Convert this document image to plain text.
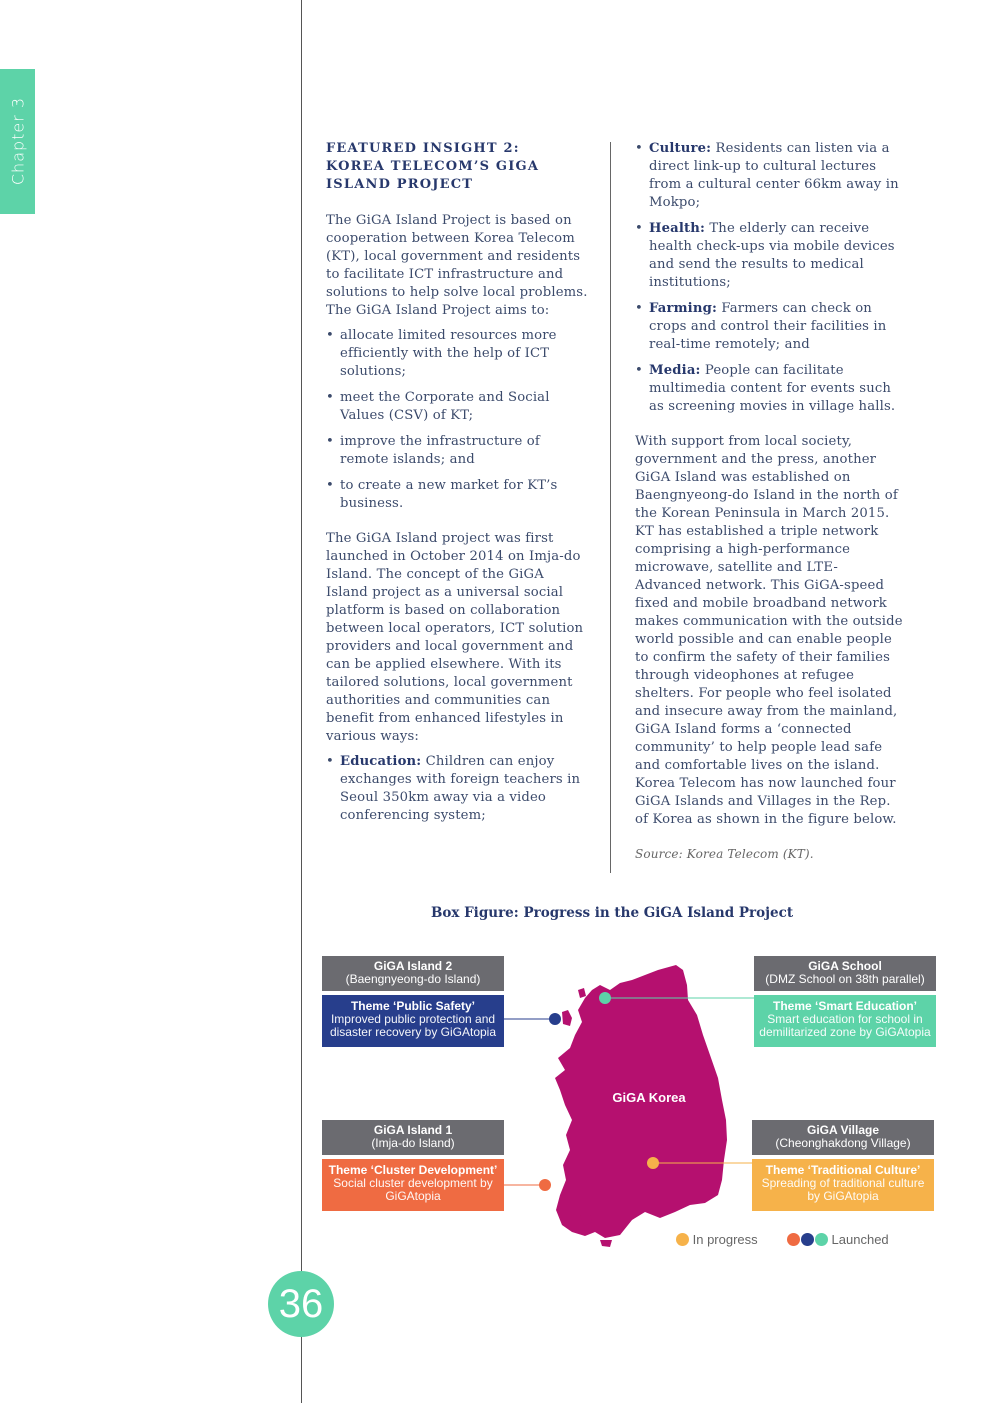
Chapter 3	FEATURED INSIGHT 2:
KOREA TELECOM’S GIGA
ISLAND PROJECT

The GiGA Island Project is based on cooperation between Korea Telecom (KT), local government and residents to facilitate ICT infrastructure and solutions to help solve local problems. The GiGA Island Project aims to:

• allocate limited resources more efficiently with the help of ICT solutions;
• meet the Corporate and Social Values (CSV) of KT;
• improve the infrastructure of remote islands; and
• to create a new market for KT’s business.

The GiGA Island project was first launched in October 2014 on Imja-do Island. The concept of the GiGA Island project as a universal social platform is based on collaboration between local operators, ICT solution providers and local government and can be applied elsewhere. With its tailored solutions, local government authorities and communities can benefit from enhanced lifestyles in various ways:

• Education: Children can enjoy exchanges with foreign teachers in Seoul 350km away via a video conferencing system;
• Culture: Residents can listen via a direct link-up to cultural lectures from a cultural center 66km away in Mokpo;
• Health: The elderly can receive health check-ups via mobile devices and send the results to medical institutions;
• Farming: Farmers can check on crops and control their facilities in real-time remotely; and
• Media: People can facilitate multimedia content for events such as screening movies in village halls.

With support from local society, government and the press, another GiGA Island was established on Baengnyeong-do Island in the north of the Korean Peninsula in March 2015. KT has established a triple network comprising a high-performance microwave, satellite and LTE-Advanced network. This GiGA-speed fixed and mobile broadband network makes communication with the outside world possible and can enable people to confirm the safety of their families through videophones at refugee shelters. For people who feel isolated and insecure away from the mainland, GiGA Island forms a ‘connected community’ to help people lead safe and comfortable lives on the island. Korea Telecom has now launched four GiGA Islands and Villages in the Rep. of Korea as shown in the figure below.

Source: Korea Telecom (KT).

Box Figure: Progress in the GiGA Island Project
GiGA Korea
GiGA Island 2
(Baengnyeong-do Island)
Theme ‘Public Safety’
Improved public protection and disaster recovery by GiGAtopia
GiGA School
(DMZ School on 38th parallel)
Theme ‘Smart Education’
Smart education for school in demilitarized zone by GiGAtopia
GiGA Island 1
(Imja-do Island)
Theme ‘Cluster Development’
Social cluster development by GiGAtopia
GiGA Village
(Cheonghakdong Village)
Theme ‘Traditional Culture’
Spreading of traditional culture by GiGAtopia
In progress	Launched
36
